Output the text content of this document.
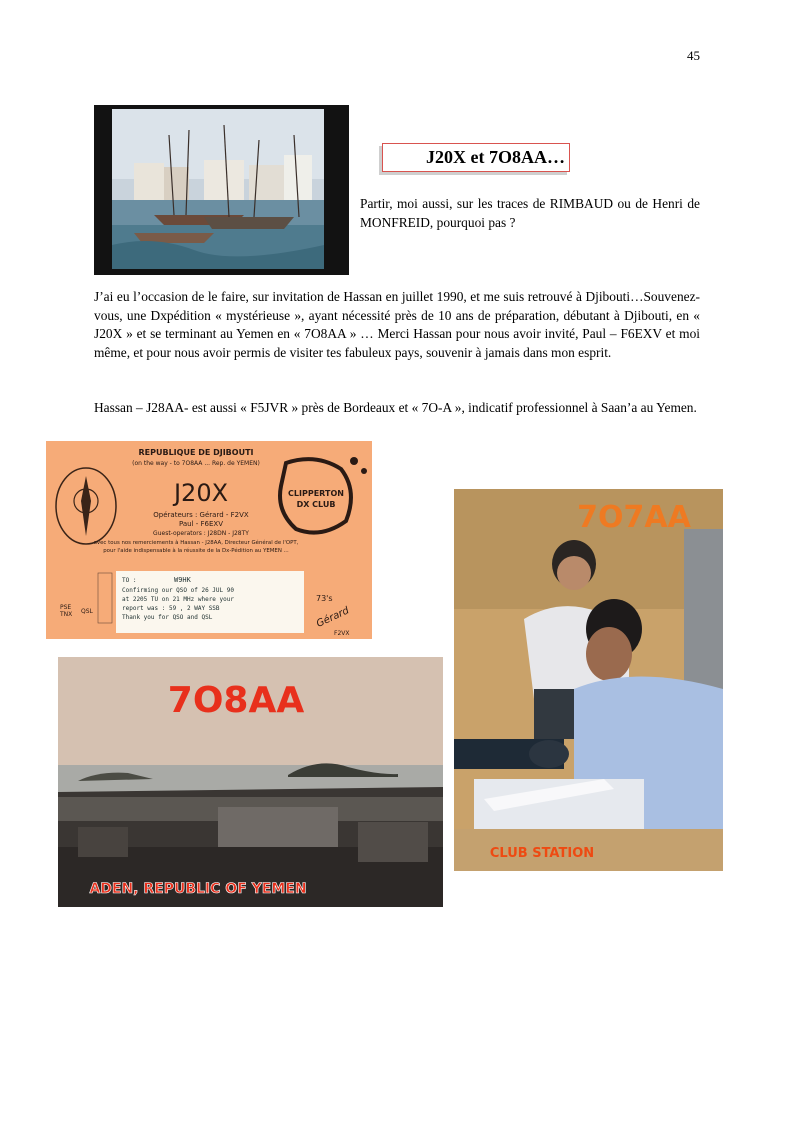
45
J20X et 7O8AA…
Partir, moi aussi, sur les traces de RIMBAUD ou de Henri de MONFREID, pourquoi pas ?
J’ai eu l’occasion de le faire, sur invitation de Hassan en juillet 1990, et me suis retrouvé à Djibouti…Souvenez-vous, une Dxpédition « mystérieuse », ayant nécessité près de 10 ans de préparation, débutant à Djibouti, en « J20X » et se terminant au Yemen en « 7O8AA » … Merci Hassan pour nous avoir invité, Paul – F6EXV et moi même, et pour nous avoir permis de visiter tes fabuleux pays, souvenir à jamais dans mon esprit.
Hassan – J28AA- est aussi « F5JVR » près de Bordeaux et « 7O-A », indicatif professionnel à Saan’a au Yemen.
REPUBLIQUE DE DJIBOUTI
(on the way - to 7O8AA ... Rep. de YEMEN)
J20X
Opérateurs : Gérard - F2VX
Paul - F6EXV
Guest-operators : J28DN - J28TY
avec tous nos remerciements à Hassan - J28AA, Directeur Général de l'OPT,
pour l'aide indispensable à la réussite de la Dx-Pédition au YEMEN ...
CLIPPERTON
DX CLUB
TO :	W9HK
Confirming our QSO of 26 JUL 90
at 2205 TU on 21 MHz where your
report was : 59 , 2 WAY SSB
Thank you for QSO and QSL
PSE
TNX QSL
73's
Gérard
F2VX
7O7AA
CLUB STATION
7O8AA
ADEN, REPUBLIC OF YEMEN
